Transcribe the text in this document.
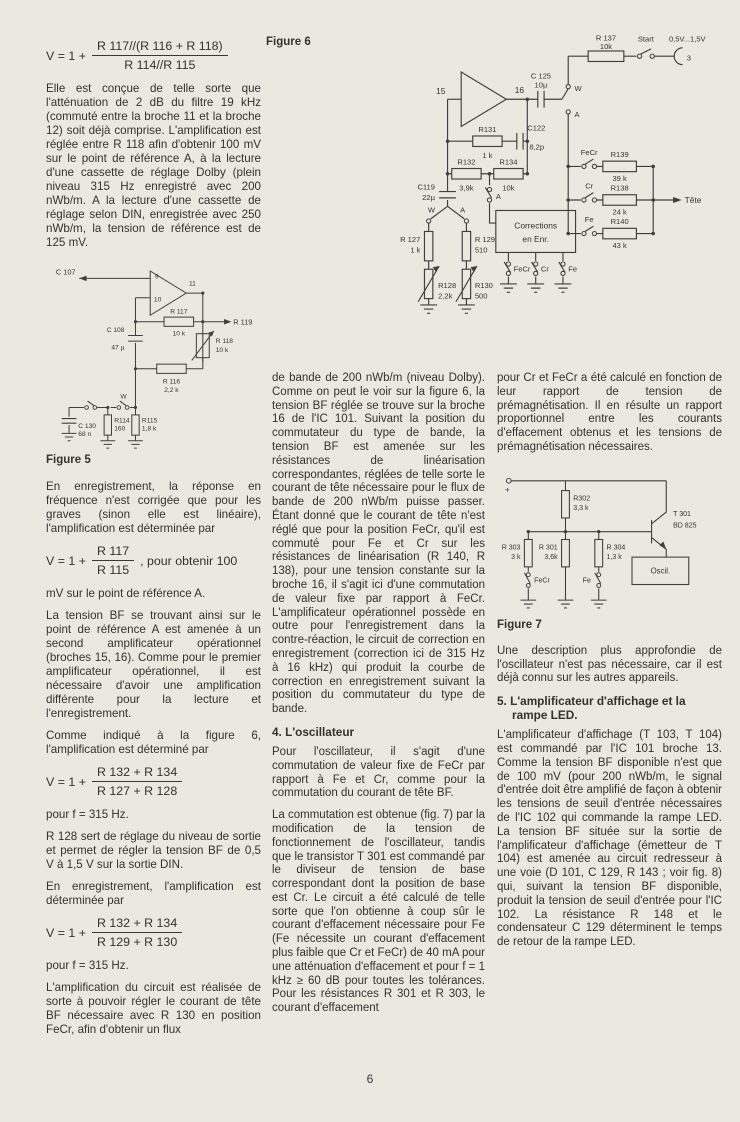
$V = 1 + \frac{R 117//(R 116 + R 118)}{R 114//R 115}$

Elle est conçue de telle sorte que l'atténuation de 2 dB du filtre 19 kHz (commuté entre la broche 11 et la broche 12) soit déjà comprise. L'amplification est réglée entre R 118 afin d'obtenir 100 mV sur le point de référence A, à la lecture d'une cassette de réglage Dolby (plein niveau 315 Hz enregistré avec 200 nWb/m. A la lecture d'une cassette de réglage selon DIN, enregistrée avec 250 nWb/m, la tension de référence est de 125 mV.

9
10
11
C 107
C 108
47 µ
R 119
R 117
10 k
R 118
10 k
R 116
2,2 k
W
C 130
68 n
R114
160
R115
1,8 k
Figure 5

En enregistrement, la réponse en fréquence n'est corrigée que pour les graves (sinon elle est linéaire), l'amplification est déterminée par

$V = 1 + \frac{R 117}{R 115}$ , pour obtenir 100

mV sur le point de référence A.

La tension BF se trouvant ainsi sur le point de référence A est amenée à un second amplificateur opérationnel (broches 15, 16). Comme pour le premier amplificateur opérationnel, il est nécessaire d'avoir une amplification différente pour la lecture et l'enregistrement.

Comme indiqué à la figure 6, l'amplification est déterminé par

$V = 1 + \frac{R 132 + R 134}{R 127 + R 128}$

pour f = 315 Hz.

R 128 sert de réglage du niveau de sortie et permet de régler la tension BF de 0,5 V à 1,5 V sur la sortie DIN.

En enregistrement, l'amplification est déterminée par

$V = 1 + \frac{R 132 + R 134}{R 129 + R 130}$

pour f = 315 Hz.

L'amplification du circuit est réalisée de sorte à pouvoir régler le courant de tête BF nécessaire avec R 130 en position FeCr, afin d'obtenir un flux

Figure 6
15	16
C 125
10µ	W
A
R 137
10k
Start 0,5V...1,5V
3
FeCr
Cr
Fe
R139
39 k
R138
24 k
R140
43 k
Tête
R131
1 k
C122
8,2p
R132
3,9k
R134
10k
A
Corrections
en Enr.
FeCr Cr	Fe
C119
22µ
W	A
R 127
1 k
R128
2,2k
R 129
510
R130
500

de bande de 200 nWb/m (niveau Dolby). Comme on peut le voir sur la figure 6, la tension BF réglée se trouve sur la broche 16 de l'IC 101. Suivant la position du commutateur du type de bande, la tension BF est amenée sur les résistances de linéarisation correspondantes, réglées de telle sorte le courant de tête nécessaire pour le flux de bande de 200 nWb/m puisse passer. Étant donné que le courant de tête n'est réglé que pour la position FeCr, qu'il est commuté pour Fe et Cr sur les résistances de linéarisation (R 140, R 138), pour une tension constante sur la broche 16, il s'agit ici d'une commutation de valeur fixe par rapport à FeCr. L'amplificateur opérationnel possède en outre pour l'enregistrement dans la contre-réaction, le circuit de correction en enregistrement (correction ici de 315 Hz à 16 kHz) qui produit la courbe de correction en enregistrement suivant la position du commutateur du type de bande.

4. L'oscillateur

Pour l'oscillateur, il s'agit d'une commutation de valeur fixe de FeCr par rapport à Fe et Cr, comme pour la commutation du courant de tête BF.

La commutation est obtenue (fig. 7) par la modification de la tension de fonctionnement de l'oscillateur, tandis que le transistor T 301 est commandé par le diviseur de tension de base correspondant dont la position de base est Cr. Le circuit a été calculé de telle sorte que l'on obtienne à coup sûr le courant d'effacement nécessaire pour Fe (Fe nécessite un courant d'effacement plus faible que Cr et FeCr) de 40 mA pour une atténuation d'effacement et pour f = 1 kHz ≥ 60 dB pour toutes les tolérances. Pour les résistances R 301 et R 303, le courant d'effacement

pour Cr et FeCr a été calculé en fonction de leur rapport de tension de prémagnétisation. Il en résulte un rapport proportionnel entre les courants d'effacement obtenus et les tensions de prémagnétisation nécessaires.

+
R302
3,3 k
T 301
BD 825
Oscil.
R 303
3 k
FeCr
R 301
3,6k
R 304
1,3 k
Fe
Figure 7

Une description plus approfondie de l'oscillateur n'est pas nécessaire, car il est déjà connu sur les autres appareils.

5. L'amplificateur d'affichage et la rampe LED.

L'amplificateur d'affichage (T 103, T 104) est commandé par l'IC 101 broche 13. Comme la tension BF disponible n'est que de 100 mV (pour 200 nWb/m, le signal d'entrée doit être amplifié de façon à obtenir les tensions de seuil d'entrée nécessaires de l'IC 102 qui commande la rampe LED. La tension BF située sur la sortie de l'amplificateur d'affichage (émetteur de T 104) est amenée au circuit redresseur à une voie (D 101, C 129, R 143 ; voir fig. 8) qui, suivant la tension BF disponible, produit la tension de seuil d'entrée pour l'IC 102. La résistance R 148 et le condensateur C 129 déterminent le temps de retour de la rampe LED.

6
